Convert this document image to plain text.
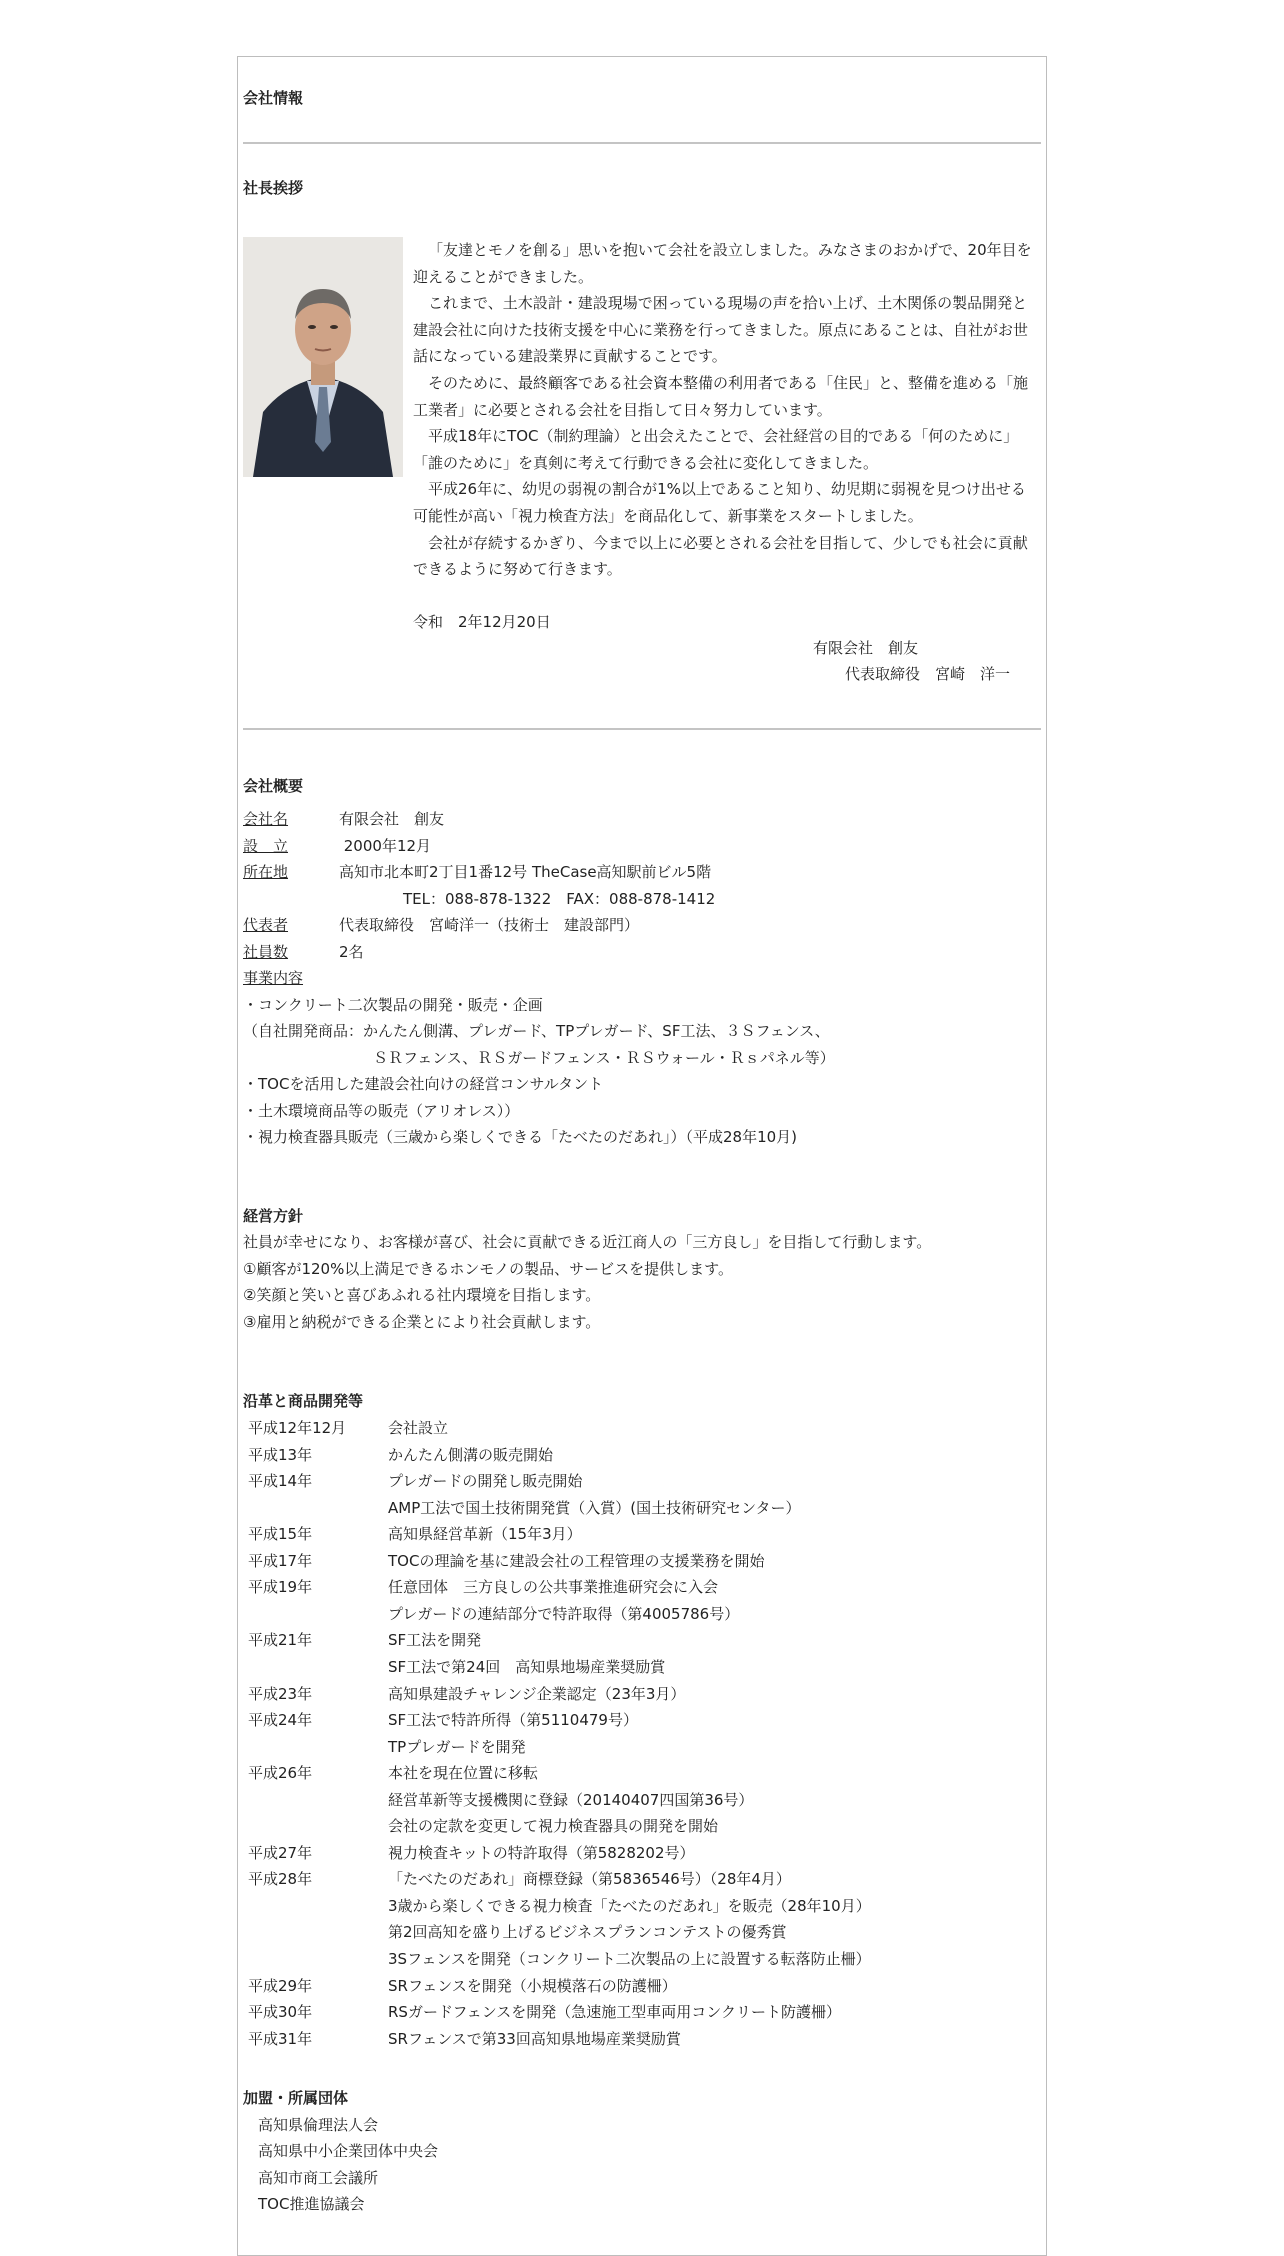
会社情報
社長挨拶

「友達とモノを創る」思いを抱いて会社を設立しました。みなさまのおかげで、20年目を迎えることができました。

これまで、土木設計・建設現場で困っている現場の声を拾い上げ、土木関係の製品開発と建設会社に向けた技術支援を中心に業務を行ってきました。原点にあることは、自社がお世話になっている建設業界に貢献することです。

そのために、最終顧客である社会資本整備の利用者である「住民」と、整備を進める「施工業者」に必要とされる会社を目指して日々努力しています。

平成18年にTOC（制約理論）と出会えたことで、会社経営の目的である「何のために」「誰のために」を真剣に考えて行動できる会社に変化してきました。

平成26年に、幼児の弱視の割合が1%以上であること知り、幼児期に弱視を見つけ出せる可能性が高い「視力検査方法」を商品化して、新事業をスタートしました。

会社が存続するかぎり、今まで以上に必要とされる会社を目指して、少しでも社会に貢献できるように努めて行きます。

令和　2年12月20日
有限会社　創友
代表取締役　宮崎　洋一
会社概要
会社名	有限会社　創友
設　立	2000年12月
所在地	高知市北本町2丁目1番12号 TheCase高知駅前ビル5階
TEL：088-878-1322　FAX：088-878-1412
代表者	代表取締役　宮崎洋一（技術士　建設部門）
社員数	2名
事業内容
・コンクリート二次製品の開発・販売・企画
（自社開発商品：かんたん側溝、プレガード、TPプレガード、SF工法、３Ｓフェンス、
ＳＲフェンス、ＲＳガードフェンス・ＲＳウォール・Ｒｓパネル等）
・TOCを活用した建設会社向けの経営コンサルタント
・土木環境商品等の販売（アリオレス））
・視力検査器具販売（三歳から楽しくできる「たべたのだあれ」）（平成28年10月)
経営方針
社員が幸せになり、お客様が喜び、社会に貢献できる近江商人の「三方良し」を目指して行動します。
①顧客が120%以上満足できるホンモノの製品、サービスを提供します。
②笑顔と笑いと喜びあふれる社内環境を目指します。
③雇用と納税ができる企業とにより社会貢献します。
沿革と商品開発等
平成12年12月	会社設立
平成13年	かんたん側溝の販売開始
平成14年	プレガードの開発し販売開始
AMP工法で国土技術開発賞（入賞）(国土技術研究センター）
平成15年	高知県経営革新（15年3月）
平成17年	TOCの理論を基に建設会社の工程管理の支援業務を開始
平成19年	任意団体　三方良しの公共事業推進研究会に入会
プレガードの連結部分で特許取得（第4005786号）
平成21年	SF工法を開発
SF工法で第24回　高知県地場産業奨励賞
平成23年	高知県建設チャレンジ企業認定（23年3月）
平成24年	SF工法で特許所得（第5110479号）
TPプレガードを開発
平成26年	本社を現在位置に移転
経営革新等支援機関に登録（20140407四国第36号）
会社の定款を変更して視力検査器具の開発を開始
平成27年	視力検査キットの特許取得（第5828202号）
平成28年	「たべたのだあれ」商標登録（第5836546号）（28年4月）
3歳から楽しくできる視力検査「たべたのだあれ」を販売（28年10月）
第2回高知を盛り上げるビジネスプランコンテストの優秀賞
3Sフェンスを開発（コンクリート二次製品の上に設置する転落防止柵）
平成29年	SRフェンスを開発（小規模落石の防護柵）
平成30年	RSガードフェンスを開発（急速施工型車両用コンクリート防護柵）
平成31年	SRフェンスで第33回高知県地場産業奨励賞
加盟・所属団体
高知県倫理法人会
高知県中小企業団体中央会
高知市商工会議所
TOC推進協議会
